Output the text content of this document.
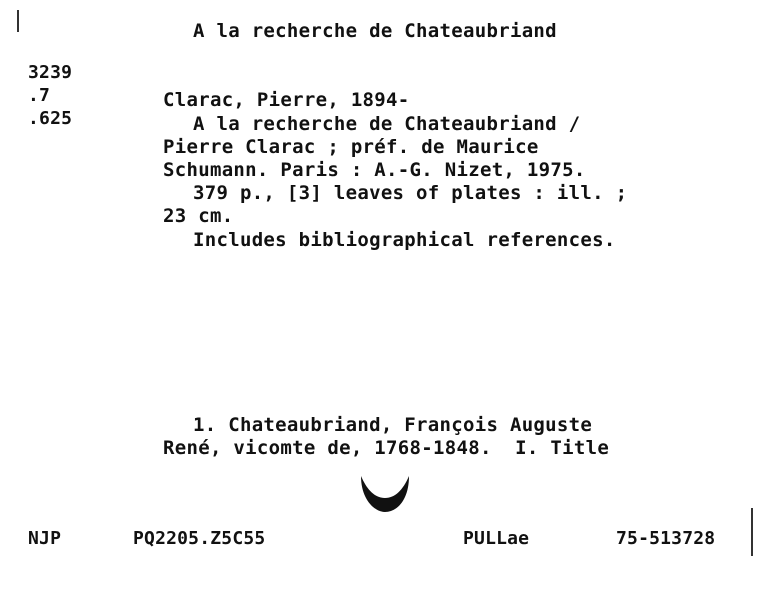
A la recherche de Chateaubriand
3239
.7
.625
Clarac, Pierre, 1894-
A la recherche de Chateaubriand /
Pierre Clarac ; préf. de Maurice
Schumann. Paris : A.-G. Nizet, 1975.
379 p., [3] leaves of plates : ill. ;
23 cm.
Includes bibliographical references.
1. Chateaubriand, François Auguste
René, vicomte de, 1768-1848.  I. Title
NJP	PQ2205.Z5C55	PULLae	75-513728
